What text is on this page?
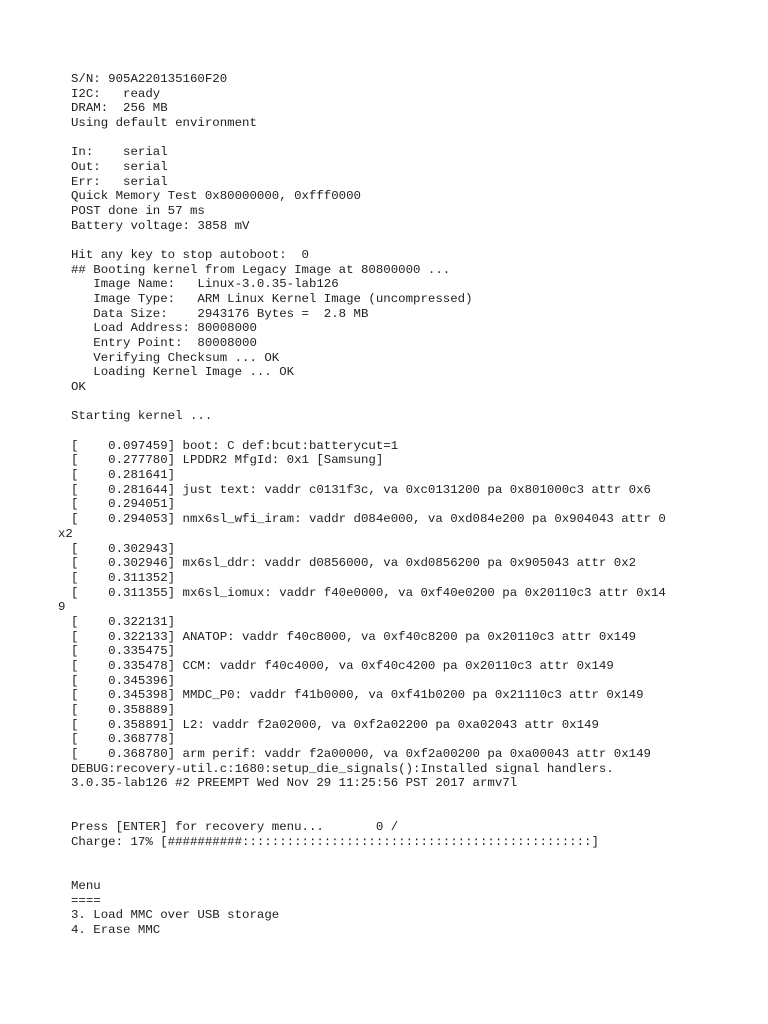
S/N: 905A220135160F20
I2C:   ready
DRAM:  256 MB
Using default environment
In:    serial
Out:   serial
Err:   serial
Quick Memory Test 0x80000000, 0xfff0000
POST done in 57 ms
Battery voltage: 3858 mV
Hit any key to stop autoboot:  0
## Booting kernel from Legacy Image at 80800000 ...
Image Name:   Linux-3.0.35-lab126
Image Type:   ARM Linux Kernel Image (uncompressed)
Data Size:    2943176 Bytes =  2.8 MB
Load Address: 80008000
Entry Point:  80008000
Verifying Checksum ... OK
Loading Kernel Image ... OK
OK
Starting kernel ...
[    0.097459] boot: C def:bcut:batterycut=1
[    0.277780] LPDDR2 MfgId: 0x1 [Samsung]
[    0.281641]
[    0.281644] just text: vaddr c0131f3c, va 0xc0131200 pa 0x801000c3 attr 0x6
[    0.294051]
[    0.294053] nmx6sl_wfi_iram: vaddr d084e000, va 0xd084e200 pa 0x904043 attr 0
x2
[    0.302943]
[    0.302946] mx6sl_ddr: vaddr d0856000, va 0xd0856200 pa 0x905043 attr 0x2
[    0.311352]
[    0.311355] mx6sl_iomux: vaddr f40e0000, va 0xf40e0200 pa 0x20110c3 attr 0x14
9
[    0.322131]
[    0.322133] ANATOP: vaddr f40c8000, va 0xf40c8200 pa 0x20110c3 attr 0x149
[    0.335475]
[    0.335478] CCM: vaddr f40c4000, va 0xf40c4200 pa 0x20110c3 attr 0x149
[    0.345396]
[    0.345398] MMDC_P0: vaddr f41b0000, va 0xf41b0200 pa 0x21110c3 attr 0x149
[    0.358889]
[    0.358891] L2: vaddr f2a02000, va 0xf2a02200 pa 0xa02043 attr 0x149
[    0.368778]
[    0.368780] arm perif: vaddr f2a00000, va 0xf2a00200 pa 0xa00043 attr 0x149
DEBUG:recovery-util.c:1680:setup_die_signals():Installed signal handlers.
3.0.35-lab126 #2 PREEMPT Wed Nov 29 11:25:56 PST 2017 armv7l
Press [ENTER] for recovery menu...       0 /
Charge: 17% [##########:::::::::::::::::::::::::::::::::::::::::::::::]
Menu
====
3. Load MMC over USB storage
4. Erase MMC
